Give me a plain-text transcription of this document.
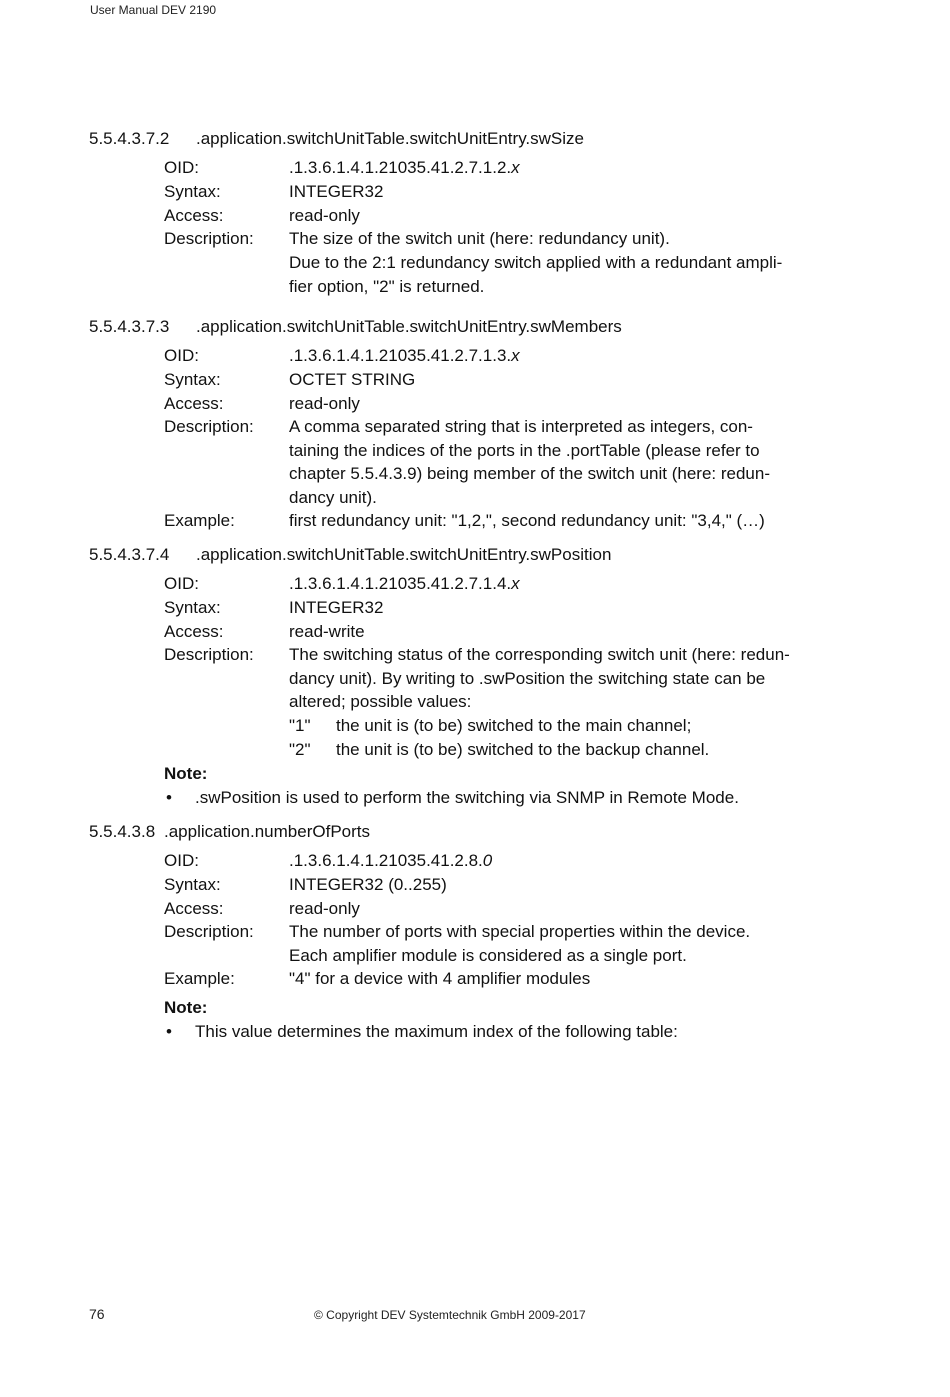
User Manual DEV 2190
5.5.4.3.7.2 .application.switchUnitTable.switchUnitEntry.swSize
OID:	.1.3.6.1.4.1.21035.41.2.7.1.2.x
Syntax:	INTEGER32
Access:	read-only
Description: The size of the switch unit (here: redundancy unit).
Due to the 2:1 redundancy switch applied with a redundant ampli-
fier option, "2" is returned.
5.5.4.3.7.3 .application.switchUnitTable.switchUnitEntry.swMembers
OID:	.1.3.6.1.4.1.21035.41.2.7.1.3.x
Syntax:	OCTET STRING
Access:	read-only
Description: A comma separated string that is interpreted as integers, con-
taining the indices of the ports in the .portTable (please refer to
chapter 5.5.4.3.9) being member of the switch unit (here: redun-
dancy unit).
Example:	first redundancy unit: "1,2,", second redundancy unit: "3,4," (…)
5.5.4.3.7.4 .application.switchUnitTable.switchUnitEntry.swPosition
OID:	.1.3.6.1.4.1.21035.41.2.7.1.4.x
Syntax:	INTEGER32
Access:	read-write
Description: The switching status of the corresponding switch unit (here: redun-
dancy unit). By writing to .swPosition the switching state can be
altered; possible values:
"1" the unit is (to be) switched to the main channel;
"2" the unit is (to be) switched to the backup channel.
Note:
• .swPosition is used to perform the switching via SNMP in Remote Mode.
5.5.4.3.8 .application.numberOfPorts
OID:	.1.3.6.1.4.1.21035.41.2.8.0
Syntax:	INTEGER32 (0..255)
Access:	read-only
Description: The number of ports with special properties within the device.
Each amplifier module is considered as a single port.
Example:	"4" for a device with 4 amplifier modules
Note:
• This value determines the maximum index of the following table:
76	© Copyright DEV Systemtechnik GmbH 2009-2017
